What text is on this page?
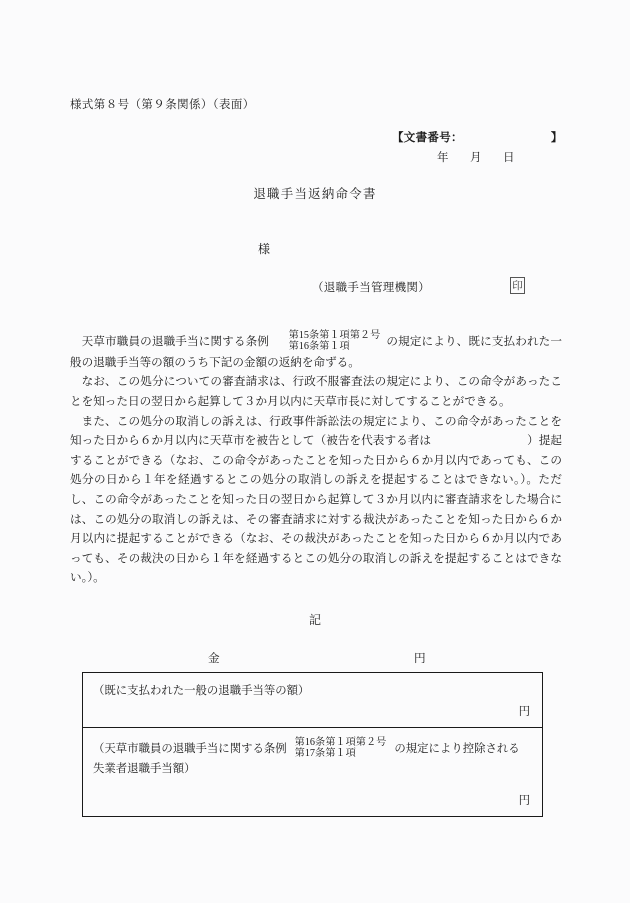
様式第８号（第９条関係）（表面）
【文書番号：	】
年 月 日
退職手当返納命令書
様
（退職手当管理機関）	印

天草市職員の退職手当に関する条例	第15条第１項第２号
第16条第１項	の規定により、既に支払われた一般の退職手当等の額のうち下記の金額の返納を命ずる。

なお、この処分についての審査請求は、行政不服審査法の規定により、この命令があったことを知った日の翌日から起算して３か月以内に天草市長に対してすることができる。

また、この処分の取消しの訴えは、行政事件訴訟法の規定により、この命令があったことを知った日から６か月以内に天草市を被告として（被告を代表する者は	）提起することができる（なお、この命令があったことを知った日から６か月以内であっても、この処分の日から１年を経過するとこの処分の取消しの訴えを提起することはできない。）。ただし、この命令があったことを知った日の翌日から起算して３か月以内に審査請求をした場合には、この処分の取消しの訴えは、その審査請求に対する裁決があったことを知った日から６か月以内に提起することができる（なお、その裁決があったことを知った日から６か月以内であっても、その裁決の日から１年を経過するとこの処分の取消しの訴えを提起することはできない。）。

記
金	円
（既に支払われた一般の退職手当等の額）
円

（天草市職員の退職手当に関する条例
第16条第１項第２号
第17条第１項	の規定により控除される
失業者退職手当額）
円
